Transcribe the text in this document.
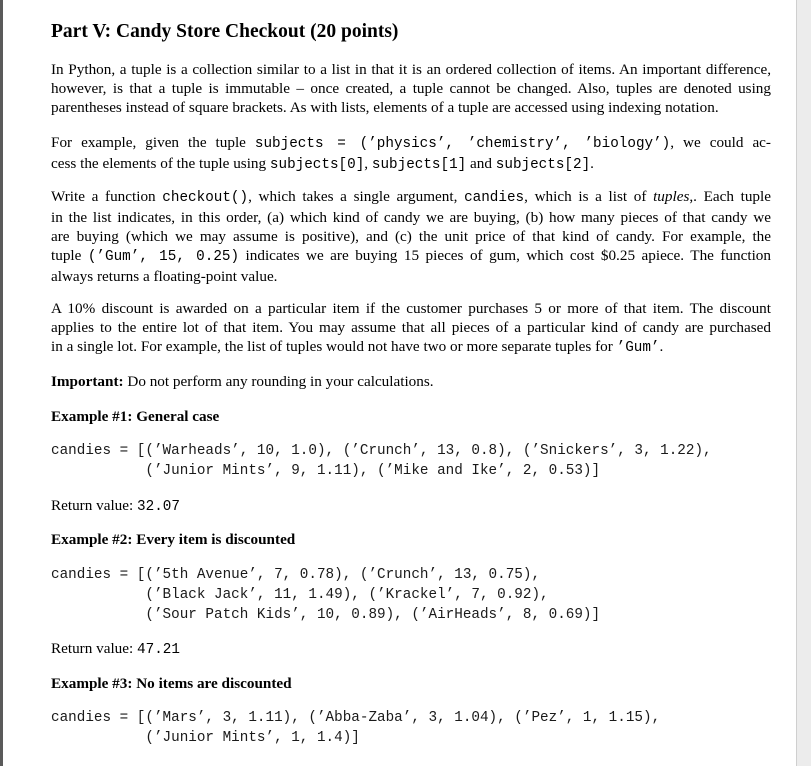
Part V: Candy Store Checkout (20 points)
In Python, a tuple is a collection similar to a list in that it is an ordered collection of items. An important difference,
however, is that a tuple is immutable – once created, a tuple cannot be changed. Also, tuples are denoted using
parentheses instead of square brackets. As with lists, elements of a tuple are accessed using indexing notation.
For example, given the tuple subjects = (’physics’, ’chemistry’, ’biology’), we could ac-
cess the elements of the tuple using subjects[0], subjects[1] and subjects[2].
Write a function checkout(), which takes a single argument, candies, which is a list of tuples,. Each tuple
in the list indicates, in this order, (a) which kind of candy we are buying, (b) how many pieces of that candy we
are buying (which we may assume is positive), and (c) the unit price of that kind of candy. For example, the
tuple (’Gum’, 15, 0.25) indicates we are buying 15 pieces of gum, which cost $0.25 apiece. The function
always returns a floating-point value.
A 10% discount is awarded on a particular item if the customer purchases 5 or more of that item. The discount
applies to the entire lot of that item. You may assume that all pieces of a particular kind of candy are purchased
in a single lot. For example, the list of tuples would not have two or more separate tuples for ’Gum’.
Important: Do not perform any rounding in your calculations.
Example #1: General case
candies = [(’Warheads’, 10, 1.0), (’Crunch’, 13, 0.8), (’Snickers’, 3, 1.22),
(’Junior Mints’, 9, 1.11), (’Mike and Ike’, 2, 0.53)]
Return value: 32.07
Example #2: Every item is discounted
candies = [(’5th Avenue’, 7, 0.78), (’Crunch’, 13, 0.75),
(’Black Jack’, 11, 1.49), (’Krackel’, 7, 0.92),
(’Sour Patch Kids’, 10, 0.89), (’AirHeads’, 8, 0.69)]
Return value: 47.21
Example #3: No items are discounted
candies = [(’Mars’, 3, 1.11), (’Abba-Zaba’, 3, 1.04), (’Pez’, 1, 1.15),
(’Junior Mints’, 1, 1.4)]
